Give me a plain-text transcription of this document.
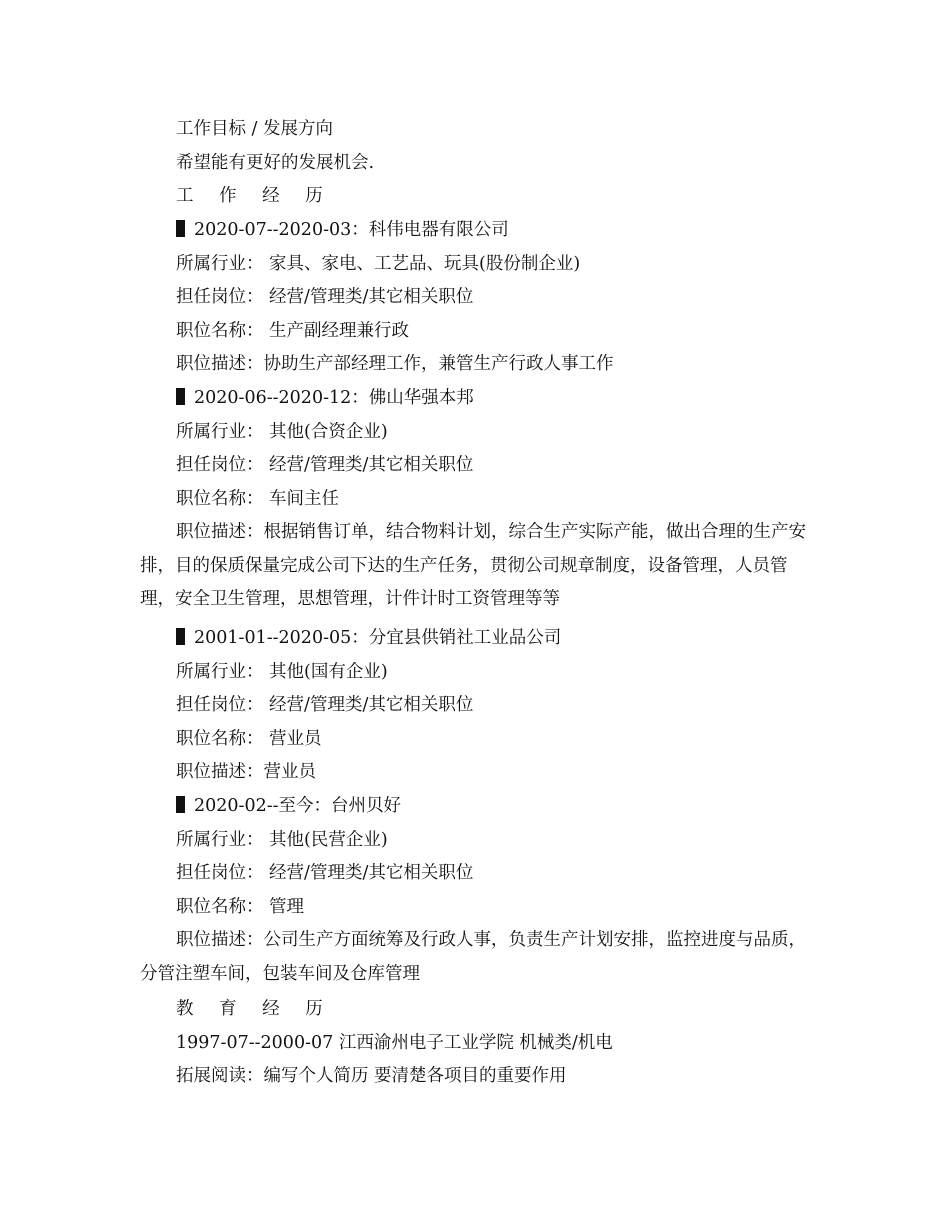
工作目标 / 发展方向

希望能有更好的发展机会.

工 作 经 历

2020-07--2020-03：科伟电器有限公司

所属行业： 家具、家电、工艺品、玩具(股份制企业)

担任岗位： 经营/管理类/其它相关职位

职位名称： 生产副经理兼行政

职位描述：协助生产部经理工作，兼管生产行政人事工作

2020-06--2020-12：佛山华强本邦

所属行业： 其他(合资企业)

担任岗位： 经营/管理类/其它相关职位

职位名称： 车间主任

职位描述：根据销售订单，结合物料计划，综合生产实际产能，做出合理的生产安排，目的保质保量完成公司下达的生产任务，贯彻公司规章制度，设备管理，人员管理，安全卫生管理，思想管理，计件计时工资管理等等

2001-01--2020-05：分宜县供销社工业品公司

所属行业： 其他(国有企业)

担任岗位： 经营/管理类/其它相关职位

职位名称： 营业员

职位描述：营业员

2020-02--至今：台州贝好

所属行业： 其他(民营企业)

担任岗位： 经营/管理类/其它相关职位

职位名称： 管理

职位描述：公司生产方面统筹及行政人事，负责生产计划安排，监控进度与品质，分管注塑车间，包装车间及仓库管理

教 育 经 历

1997-07--2000-07 江西渝州电子工业学院 机械类/机电

拓展阅读：编写个人简历 要清楚各项目的重要作用
